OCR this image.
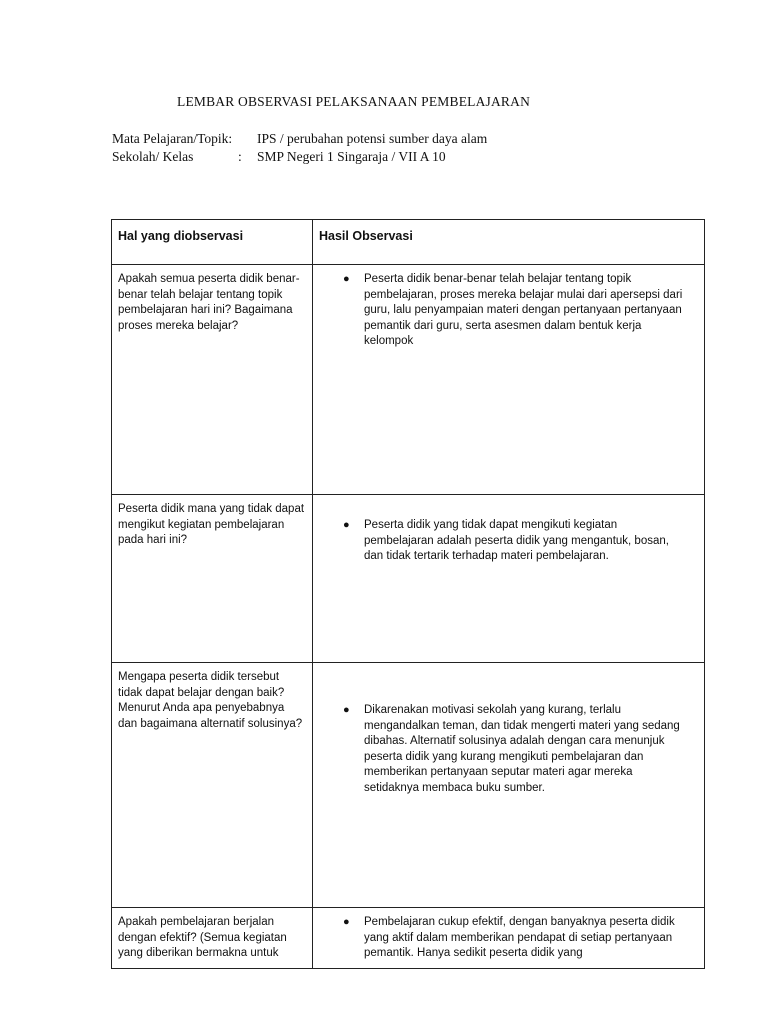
LEMBAR OBSERVASI PELAKSANAAN PEMBELAJARAN
Mata Pelajaran/Topik: IPS / perubahan potensi sumber daya alam
Sekolah/ Kelas	: SMP Negeri 1 Singaraja / VII A 10
Hal yang diobservasi	Hasil Observasi
Apakah semua peserta didik benar-benar telah belajar tentang topik pembelajaran hari ini? Bagaimana proses mereka belajar?	● Peserta didik benar-benar telah belajar tentang topik pembelajaran, proses mereka belajar mulai dari apersepsi dari guru, lalu penyampaian materi dengan pertanyaan pertanyaan pemantik dari guru, serta asesmen dalam bentuk kerja kelompok

Peserta didik mana yang tidak dapat mengikut kegiatan pembelajaran pada hari ini?	● Peserta didik yang tidak dapat mengikuti kegiatan pembelajaran adalah peserta didik yang mengantuk, bosan, dan tidak tertarik terhadap materi pembelajaran.

Mengapa peserta didik tersebut tidak dapat belajar dengan baik? Menurut Anda apa penyebabnya dan bagaimana alternatif solusinya?	● Dikarenakan motivasi sekolah yang kurang, terlalu mengandalkan teman, dan tidak mengerti materi yang sedang dibahas. Alternatif solusinya adalah dengan cara menunjuk peserta didik yang kurang mengikuti pembelajaran dan memberikan pertanyaan seputar materi agar mereka setidaknya membaca buku sumber.

Apakah pembelajaran berjalan dengan efektif? (Semua kegiatan yang diberikan bermakna untuk	● Pembelajaran cukup efektif, dengan banyaknya peserta didik yang aktif dalam memberikan pendapat di setiap pertanyaan pemantik. Hanya sedikit peserta didik yang
